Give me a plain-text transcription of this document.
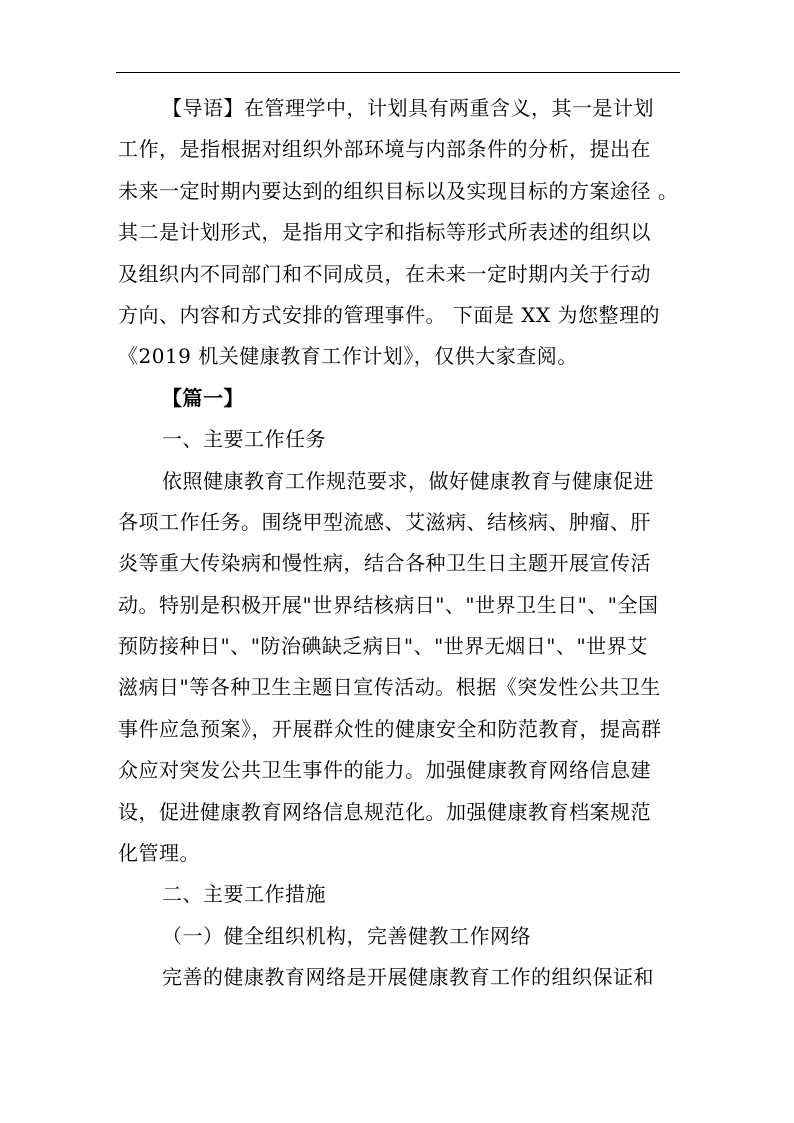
【导语】在管理学中，计划具有两重含义，其一是计划
工作，是指根据对组织外部环境与内部条件的分析，提出在
未来一定时期内要达到的组织目标以及实现目标的方案途径 。
其二是计划形式，是指用文字和指标等形式所表述的组织以
及组织内不同部门和不同成员，在未来一定时期内关于行动
方向、内容和方式安排的管理事件。 下面是 XX 为您整理的
《2019 机关健康教育工作计划》，仅供大家查阅。
【篇一】
一、主要工作任务
依照健康教育工作规范要求，做好健康教育与健康促进
各项工作任务。围绕甲型流感、艾滋病、结核病、肿瘤、肝
炎等重大传染病和慢性病，结合各种卫生日主题开展宣传活
动。特别是积极开展"世界结核病日"、"世界卫生日"、"全国
预防接种日"、"防治碘缺乏病日"、"世界无烟日"、"世界艾
滋病日"等各种卫生主题日宣传活动。根据《突发性公共卫生
事件应急预案》，开展群众性的健康安全和防范教育，提高群
众应对突发公共卫生事件的能力。加强健康教育网络信息建
设，促进健康教育网络信息规范化。加强健康教育档案规范
化管理。
二、主要工作措施
（一）健全组织机构，完善健教工作网络
完善的健康教育网络是开展健康教育工作的组织保证和
